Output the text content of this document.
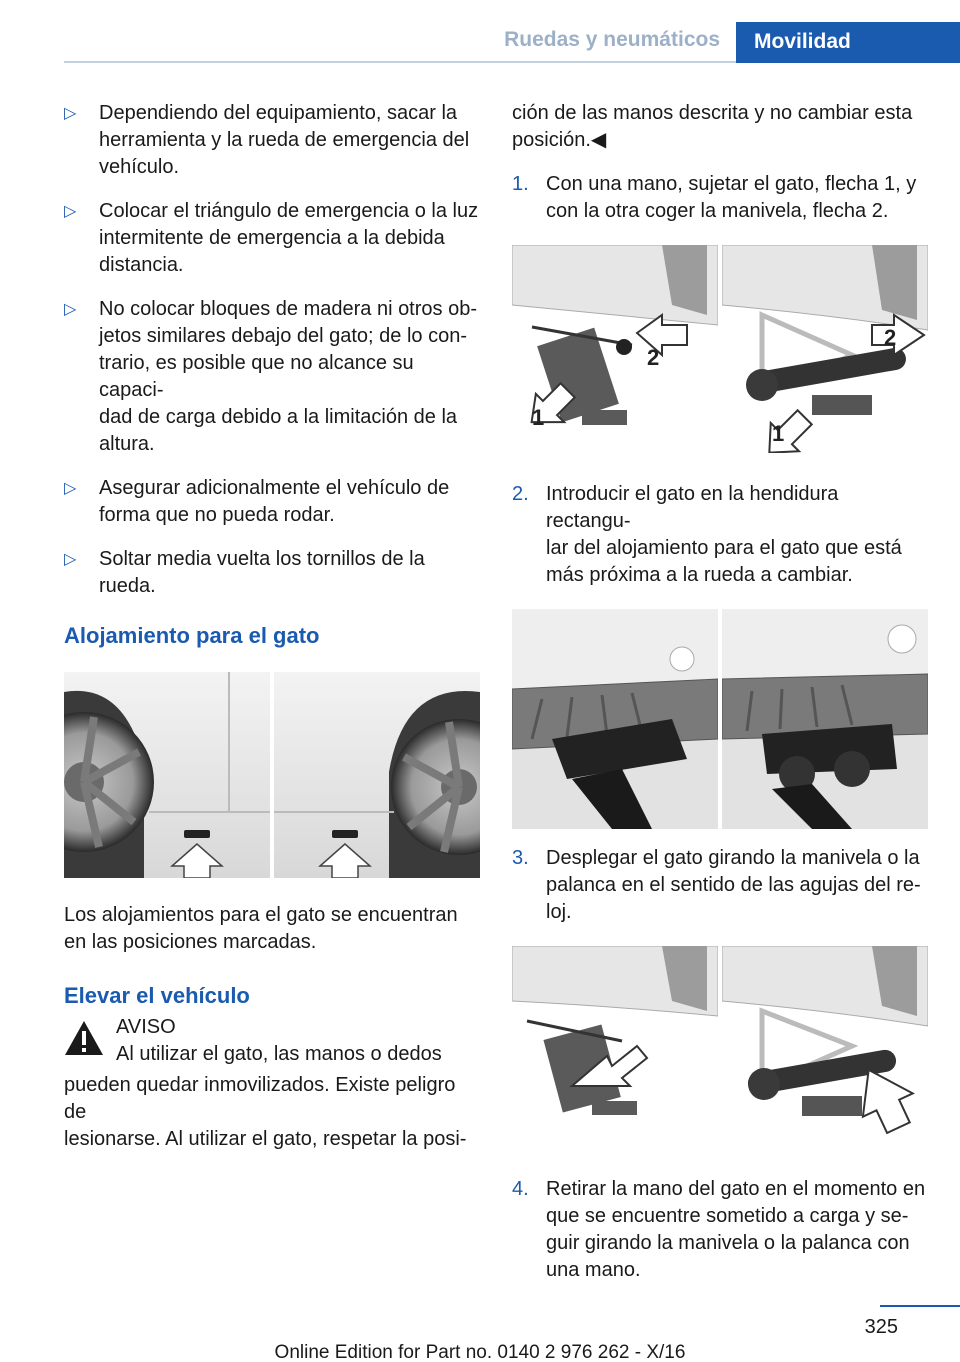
Ruedas y neumáticos	Movilidad
▷ Dependiendo del equipamiento, sacar la
herramienta y la rueda de emergencia del
vehículo.
▷ Colocar el triángulo de emergencia o la luz
intermitente de emergencia a la debida
distancia.
▷ No colocar bloques de madera ni otros ob‐
jetos similares debajo del gato; de lo con‐
trario, es posible que no alcance su capaci‐
dad de carga debido a la limitación de la
altura.
▷ Asegurar adicionalmente el vehículo de
forma que no pueda rodar.
▷ Soltar media vuelta los tornillos de la
rueda.
Alojamiento para el gato
Los alojamientos para el gato se encuentran
en las posiciones marcadas.
Elevar el vehículo
AVISO
Al utilizar el gato, las manos o dedos
pueden quedar inmovilizados. Existe peligro de
lesionarse. Al utilizar el gato, respetar la posi‐
ción de las manos descrita y no cambiar esta
posición.◀
1. Con una mano, sujetar el gato, flecha 1, y
con la otra coger la manivela, flecha 2.
2
1
2
1
2. Introducir el gato en la hendidura rectangu‐
lar del alojamiento para el gato que está
más próxima a la rueda a cambiar.
3. Desplegar el gato girando la manivela o la
palanca en el sentido de las agujas del re‐
loj.
4. Retirar la mano del gato en el momento en
que se encuentre sometido a carga y se‐
guir girando la manivela o la palanca con
una mano.
325
Online Edition for Part no. 0140 2 976 262 - X/16
